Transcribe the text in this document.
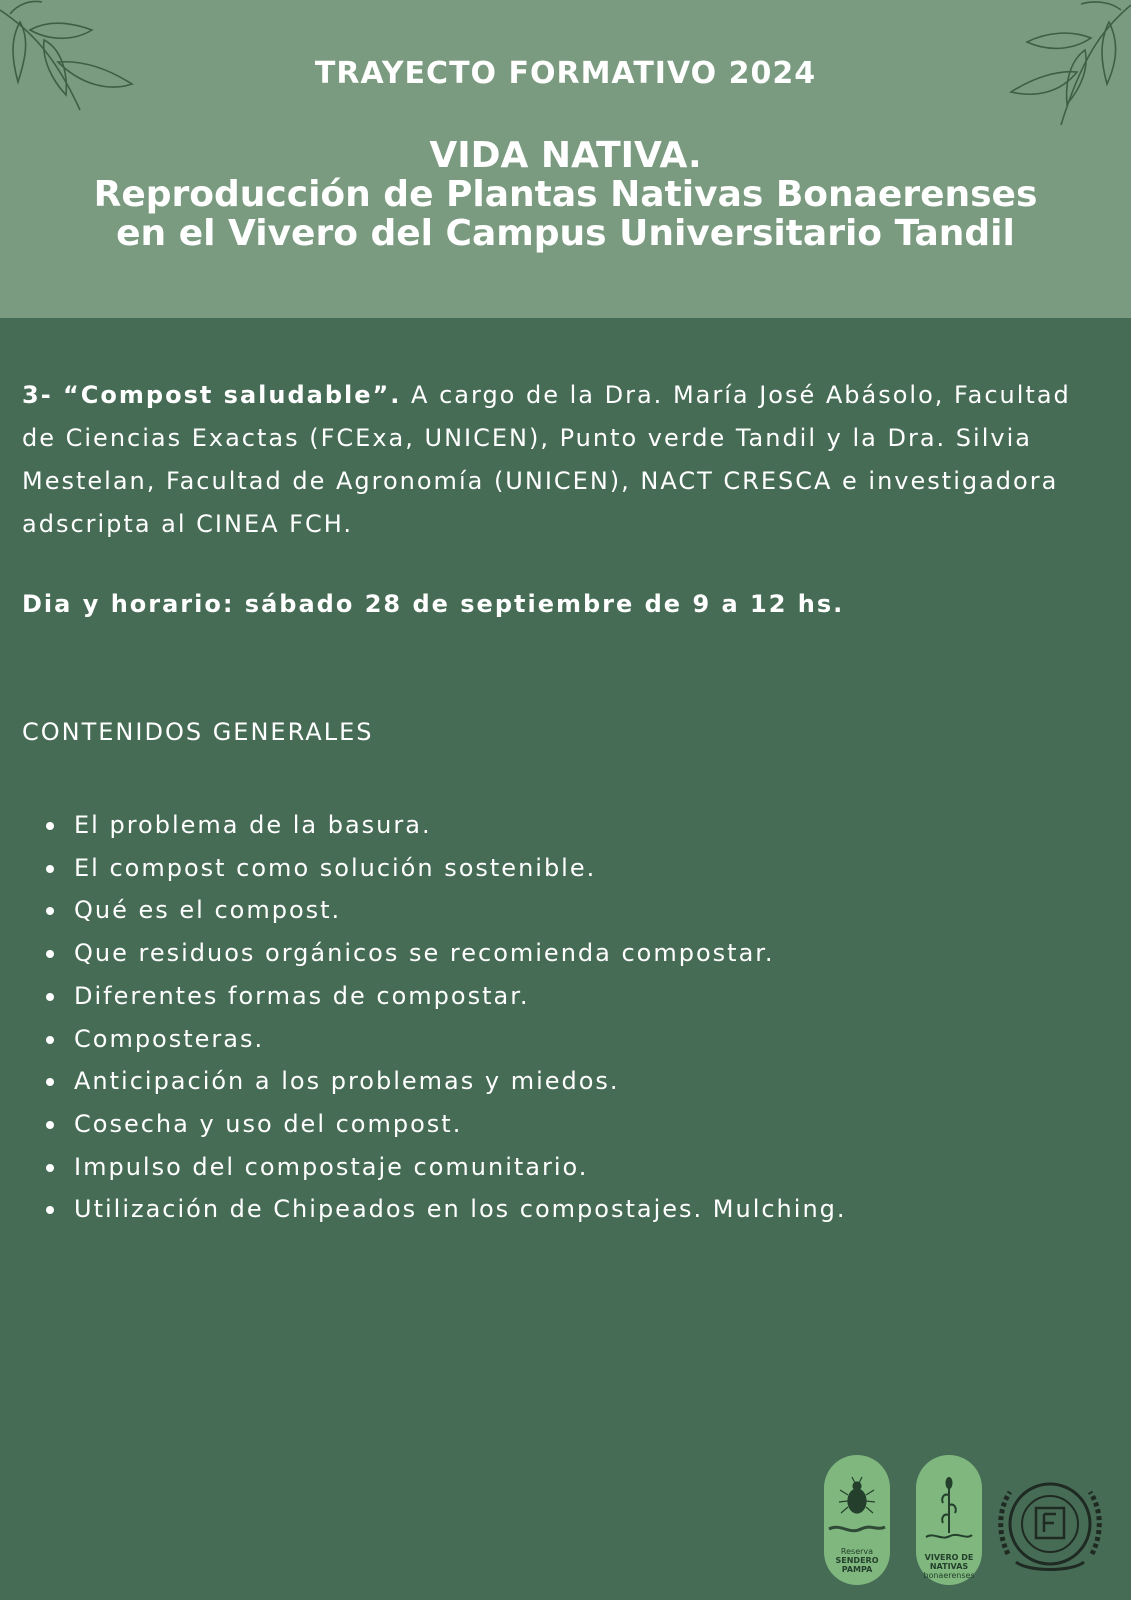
TRAYECTO FORMATIVO 2024
VIDA NATIVA.
Reproducción de Plantas Nativas Bonaerenses
en el Vivero del Campus Universitario Tandil

3- “Compost saludable”. A cargo de la Dra. María José Abásolo, Facultad de Ciencias Exactas (FCExa, UNICEN), Punto verde Tandil y la Dra. Silvia Mestelan, Facultad de Agronomía (UNICEN), NACT CRESCA e investigadora adscripta al CINEA FCH.

Dia y horario: sábado 28 de septiembre de 9 a 12 hs.

CONTENIDOS GENERALES
El problema de la basura.
El compost como solución sostenible.
Qué es el compost.
Que residuos orgánicos se recomienda compostar.
Diferentes formas de compostar.
Composteras.
Anticipación a los problemas y miedos.
Cosecha y uso del compost.
Impulso del compostaje comunitario.
Utilización de Chipeados en los compostajes. Mulching.
Reserva
SENDERO
PAMPA
VIVERO DE
NATIVAS
bonaerenses
